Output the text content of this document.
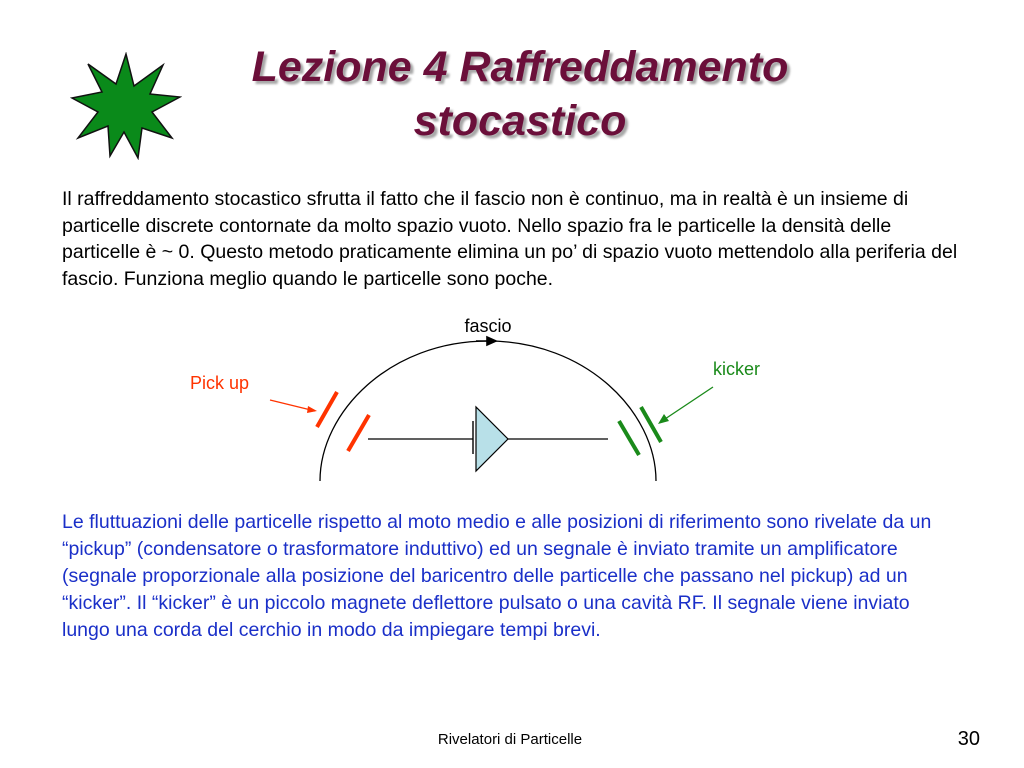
Lezione 4 Raffreddamento
stocastico
Il raffreddamento stocastico sfrutta il fatto che il fascio non è continuo, ma in realtà è un insieme di particelle discrete contornate da molto spazio vuoto. Nello spazio fra le particelle la densità delle particelle è ~ 0. Questo metodo praticamente elimina un po’ di spazio vuoto mettendolo alla periferia del fascio. Funziona meglio quando le particelle sono poche.
fascio
Pick up
kicker
Le fluttuazioni delle particelle rispetto al moto medio e alle posizioni di riferimento sono rivelate da un “pickup” (condensatore o trasformatore induttivo) ed un segnale è inviato tramite un amplificatore (segnale proporzionale alla posizione del baricentro delle particelle che passano nel pickup) ad un “kicker”. Il “kicker” è un piccolo magnete deflettore pulsato o una cavità RF. Il segnale viene inviato lungo una corda del cerchio in modo da impiegare tempi brevi.
Rivelatori di Particelle	30
